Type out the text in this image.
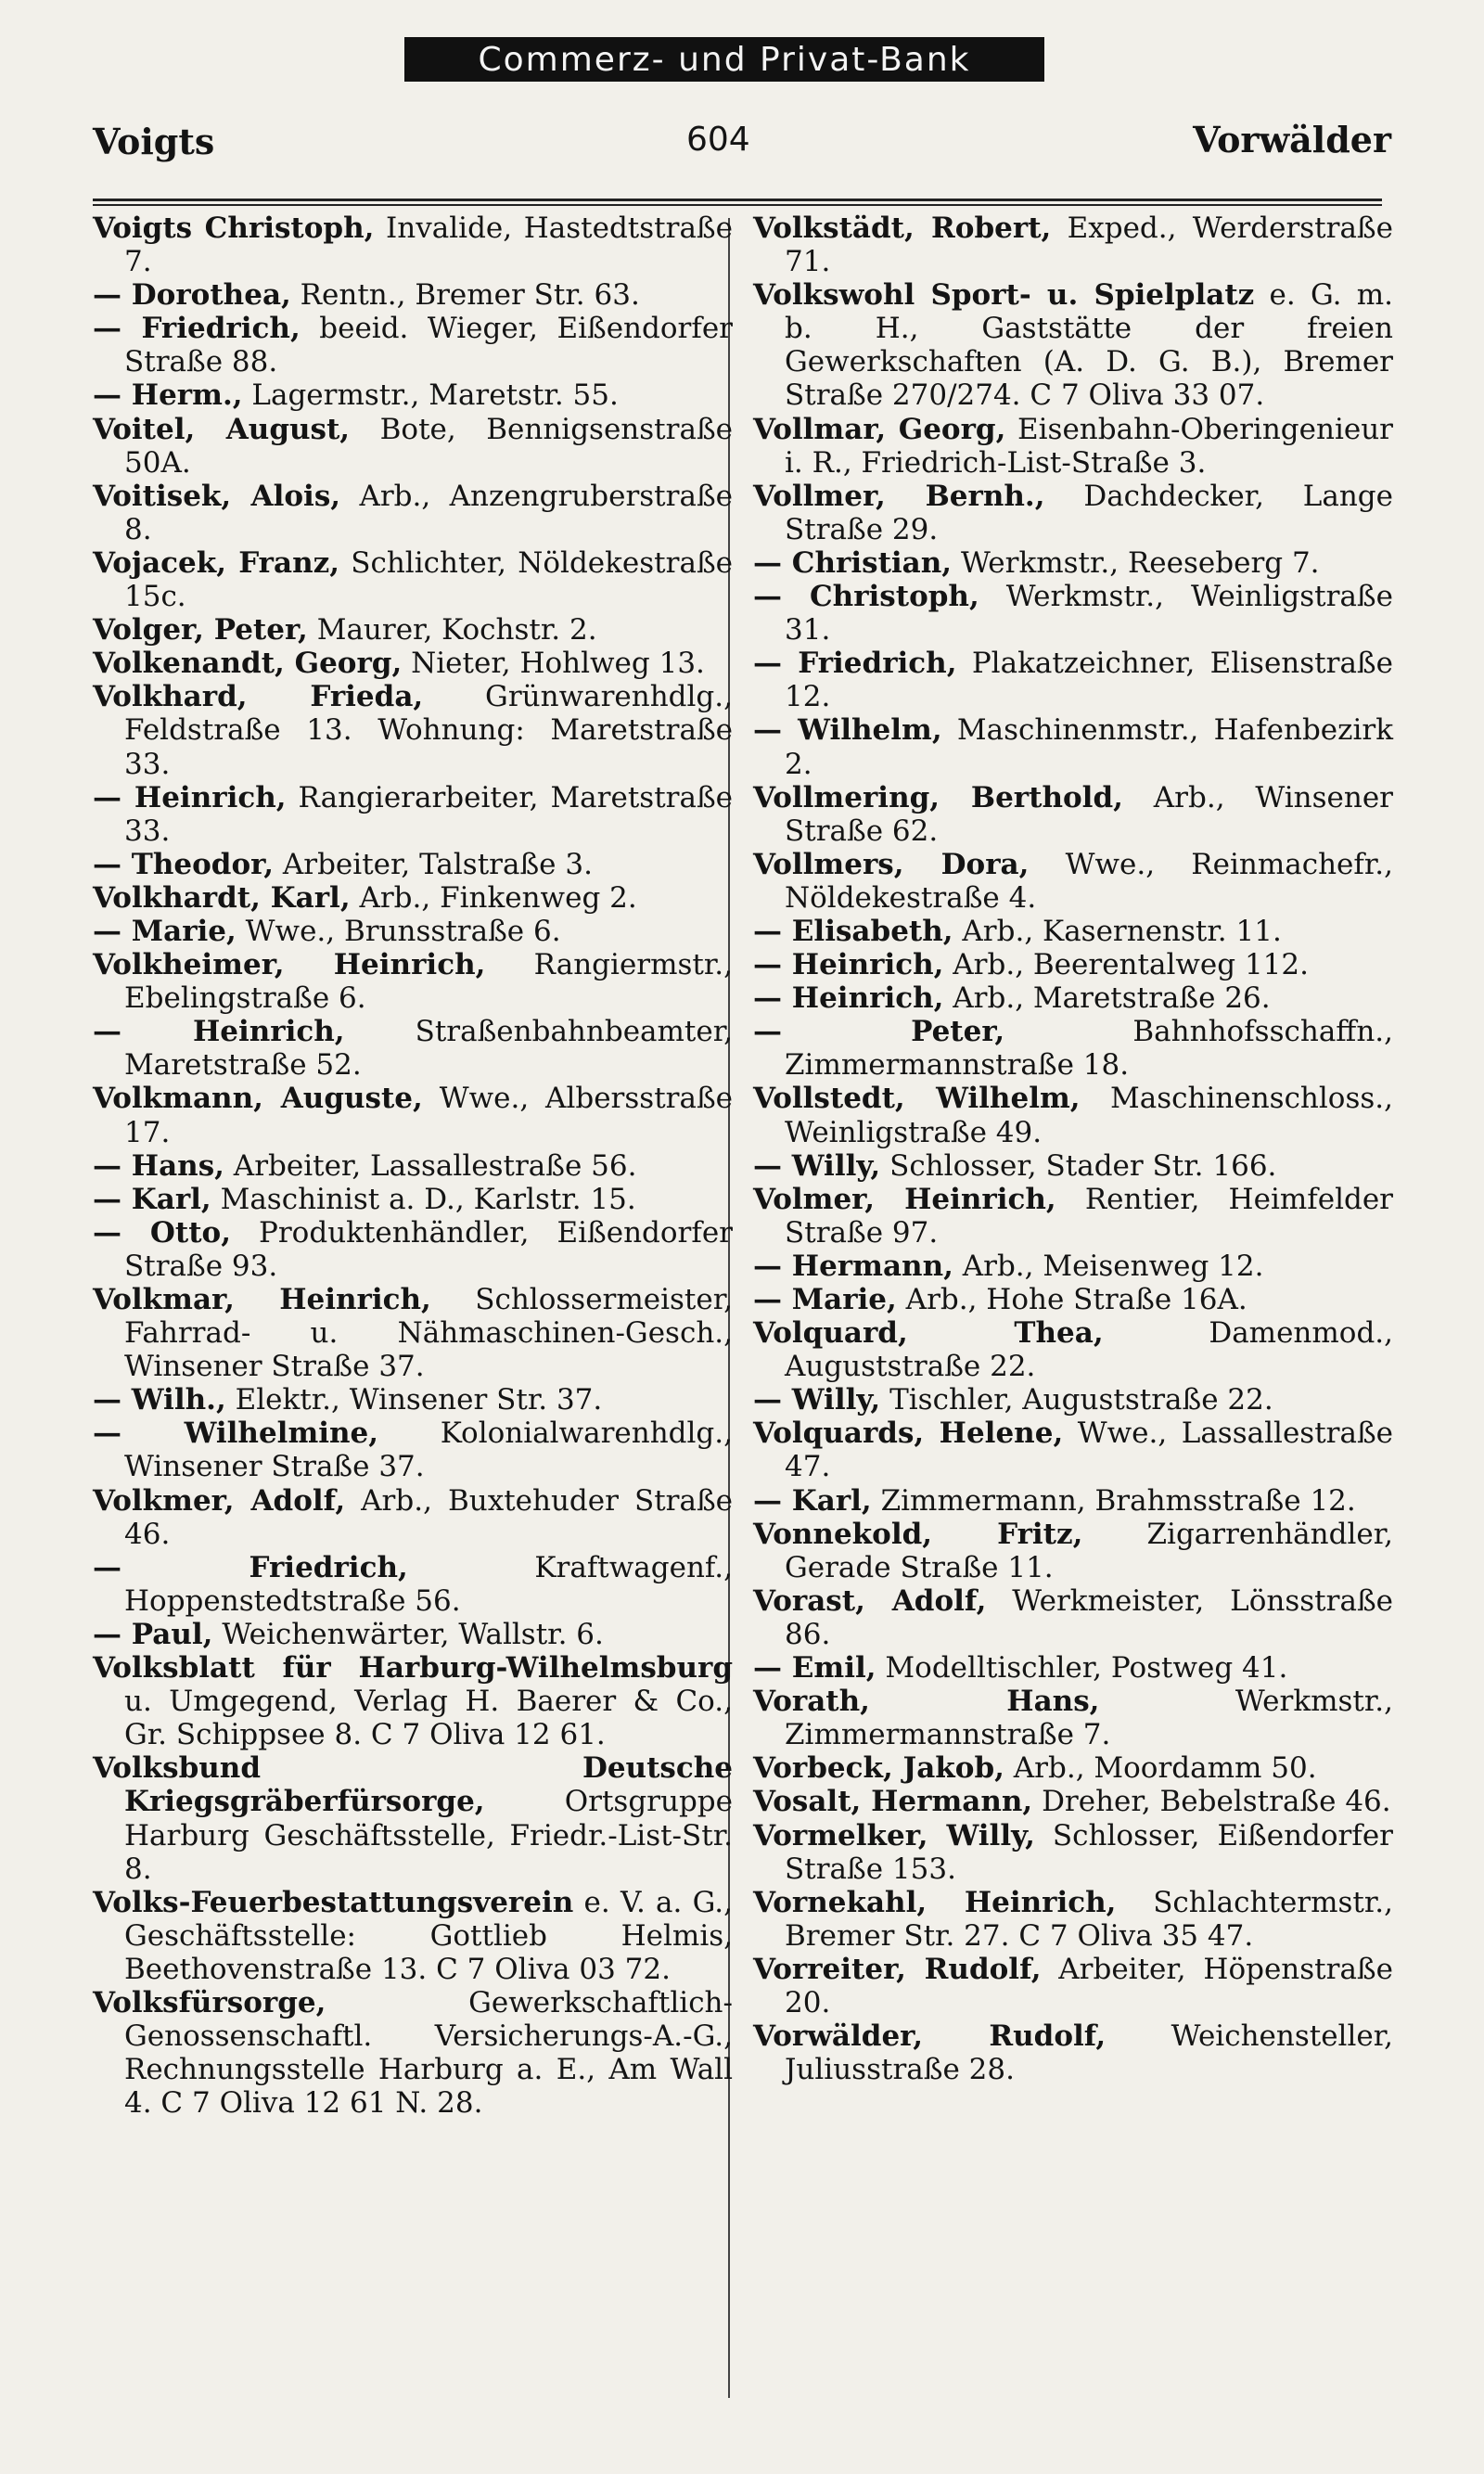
Commerz- und Privat-Bank
Voigts	604	Vorwälder
Voigts Christoph, Invalide, Hastedtstraße 7.
— Dorothea, Rentn., Bremer Str. 63.
— Friedrich, beeid. Wieger, Eißendorfer Straße 88.
— Herm., Lagermstr., Maretstr. 55.
Voitel, August, Bote, Bennigsenstraße 50A.
Voitisek, Alois, Arb., Anzengruberstraße 8.
Vojacek, Franz, Schlichter, Nöldekestraße 15c.
Volger, Peter, Maurer, Kochstr. 2.
Volkenandt, Georg, Nieter, Hohlweg 13.
Volkhard, Frieda, Grünwarenhdlg., Feldstraße 13. Wohnung: Maretstraße 33.
— Heinrich, Rangierarbeiter, Maretstraße 33.
— Theodor, Arbeiter, Talstraße 3.
Volkhardt, Karl, Arb., Finkenweg 2.
— Marie, Wwe., Brunsstraße 6.
Volkheimer, Heinrich, Rangiermstr., Ebelingstraße 6.
— Heinrich, Straßenbahnbeamter, Maretstraße 52.
Volkmann, Auguste, Wwe., Albersstraße 17.
— Hans, Arbeiter, Lassallestraße 56.
— Karl, Maschinist a. D., Karlstr. 15.
— Otto, Produktenhändler, Eißendorfer Straße 93.
Volkmar, Heinrich, Schlossermeister, Fahrrad- u. Nähmaschinen-Gesch., Winsener Straße 37.
— Wilh., Elektr., Winsener Str. 37.
— Wilhelmine, Kolonialwarenhdlg., Winsener Straße 37.
Volkmer, Adolf, Arb., Buxtehuder Straße 46.
— Friedrich, Kraftwagenf., Hoppenstedtstraße 56.
— Paul, Weichenwärter, Wallstr. 6.
Volksblatt für Harburg-Wilhelmsburg u. Umgegend, Verlag H. Baerer & Co., Gr. Schippsee 8. C 7 Oliva 12 61.
Volksbund Deutsche Kriegsgräberfürsorge, Ortsgruppe Harburg Geschäftsstelle, Friedr.-List-Str. 8.
Volks-Feuerbestattungsverein e. V. a. G., Geschäftsstelle: Gottlieb Helmis, Beethovenstraße 13. C 7 Oliva 03 72.
Volksfürsorge, Gewerkschaftlich-Genossenschaftl. Versicherungs-A.-G., Rechnungsstelle Harburg a. E., Am Wall 4. C 7 Oliva 12 61 N. 28.
Volkstädt, Robert, Exped., Werderstraße 71.
Volkswohl Sport- u. Spielplatz e. G. m. b. H., Gaststätte der freien Gewerkschaften (A. D. G. B.), Bremer Straße 270/274. C 7 Oliva 33 07.
Vollmar, Georg, Eisenbahn-Oberingenieur i. R., Friedrich-List-Straße 3.
Vollmer, Bernh., Dachdecker, Lange Straße 29.
— Christian, Werkmstr., Reeseberg 7.
— Christoph, Werkmstr., Weinligstraße 31.
— Friedrich, Plakatzeichner, Elisenstraße 12.
— Wilhelm, Maschinenmstr., Hafenbezirk 2.
Vollmering, Berthold, Arb., Winsener Straße 62.
Vollmers, Dora, Wwe., Reinmachefr., Nöldekestraße 4.
— Elisabeth, Arb., Kasernenstr. 11.
— Heinrich, Arb., Beerentalweg 112.
— Heinrich, Arb., Maretstraße 26.
— Peter, Bahnhofsschaffn., Zimmermannstraße 18.
Vollstedt, Wilhelm, Maschinenschloss., Weinligstraße 49.
— Willy, Schlosser, Stader Str. 166.
Volmer, Heinrich, Rentier, Heimfelder Straße 97.
— Hermann, Arb., Meisenweg 12.
— Marie, Arb., Hohe Straße 16A.
Volquard, Thea, Damenmod., Auguststraße 22.
— Willy, Tischler, Auguststraße 22.
Volquards, Helene, Wwe., Lassallestraße 47.
— Karl, Zimmermann, Brahmsstraße 12.
Vonnekold, Fritz, Zigarrenhändler, Gerade Straße 11.
Vorast, Adolf, Werkmeister, Lönsstraße 86.
— Emil, Modelltischler, Postweg 41.
Vorath, Hans, Werkmstr., Zimmermannstraße 7.
Vorbeck, Jakob, Arb., Moordamm 50.
Vosalt, Hermann, Dreher, Bebelstraße 46.
Vormelker, Willy, Schlosser, Eißendorfer Straße 153.
Vornekahl, Heinrich, Schlachtermstr., Bremer Str. 27. C 7 Oliva 35 47.
Vorreiter, Rudolf, Arbeiter, Höpenstraße 20.
Vorwälder, Rudolf, Weichensteller, Juliusstraße 28.
